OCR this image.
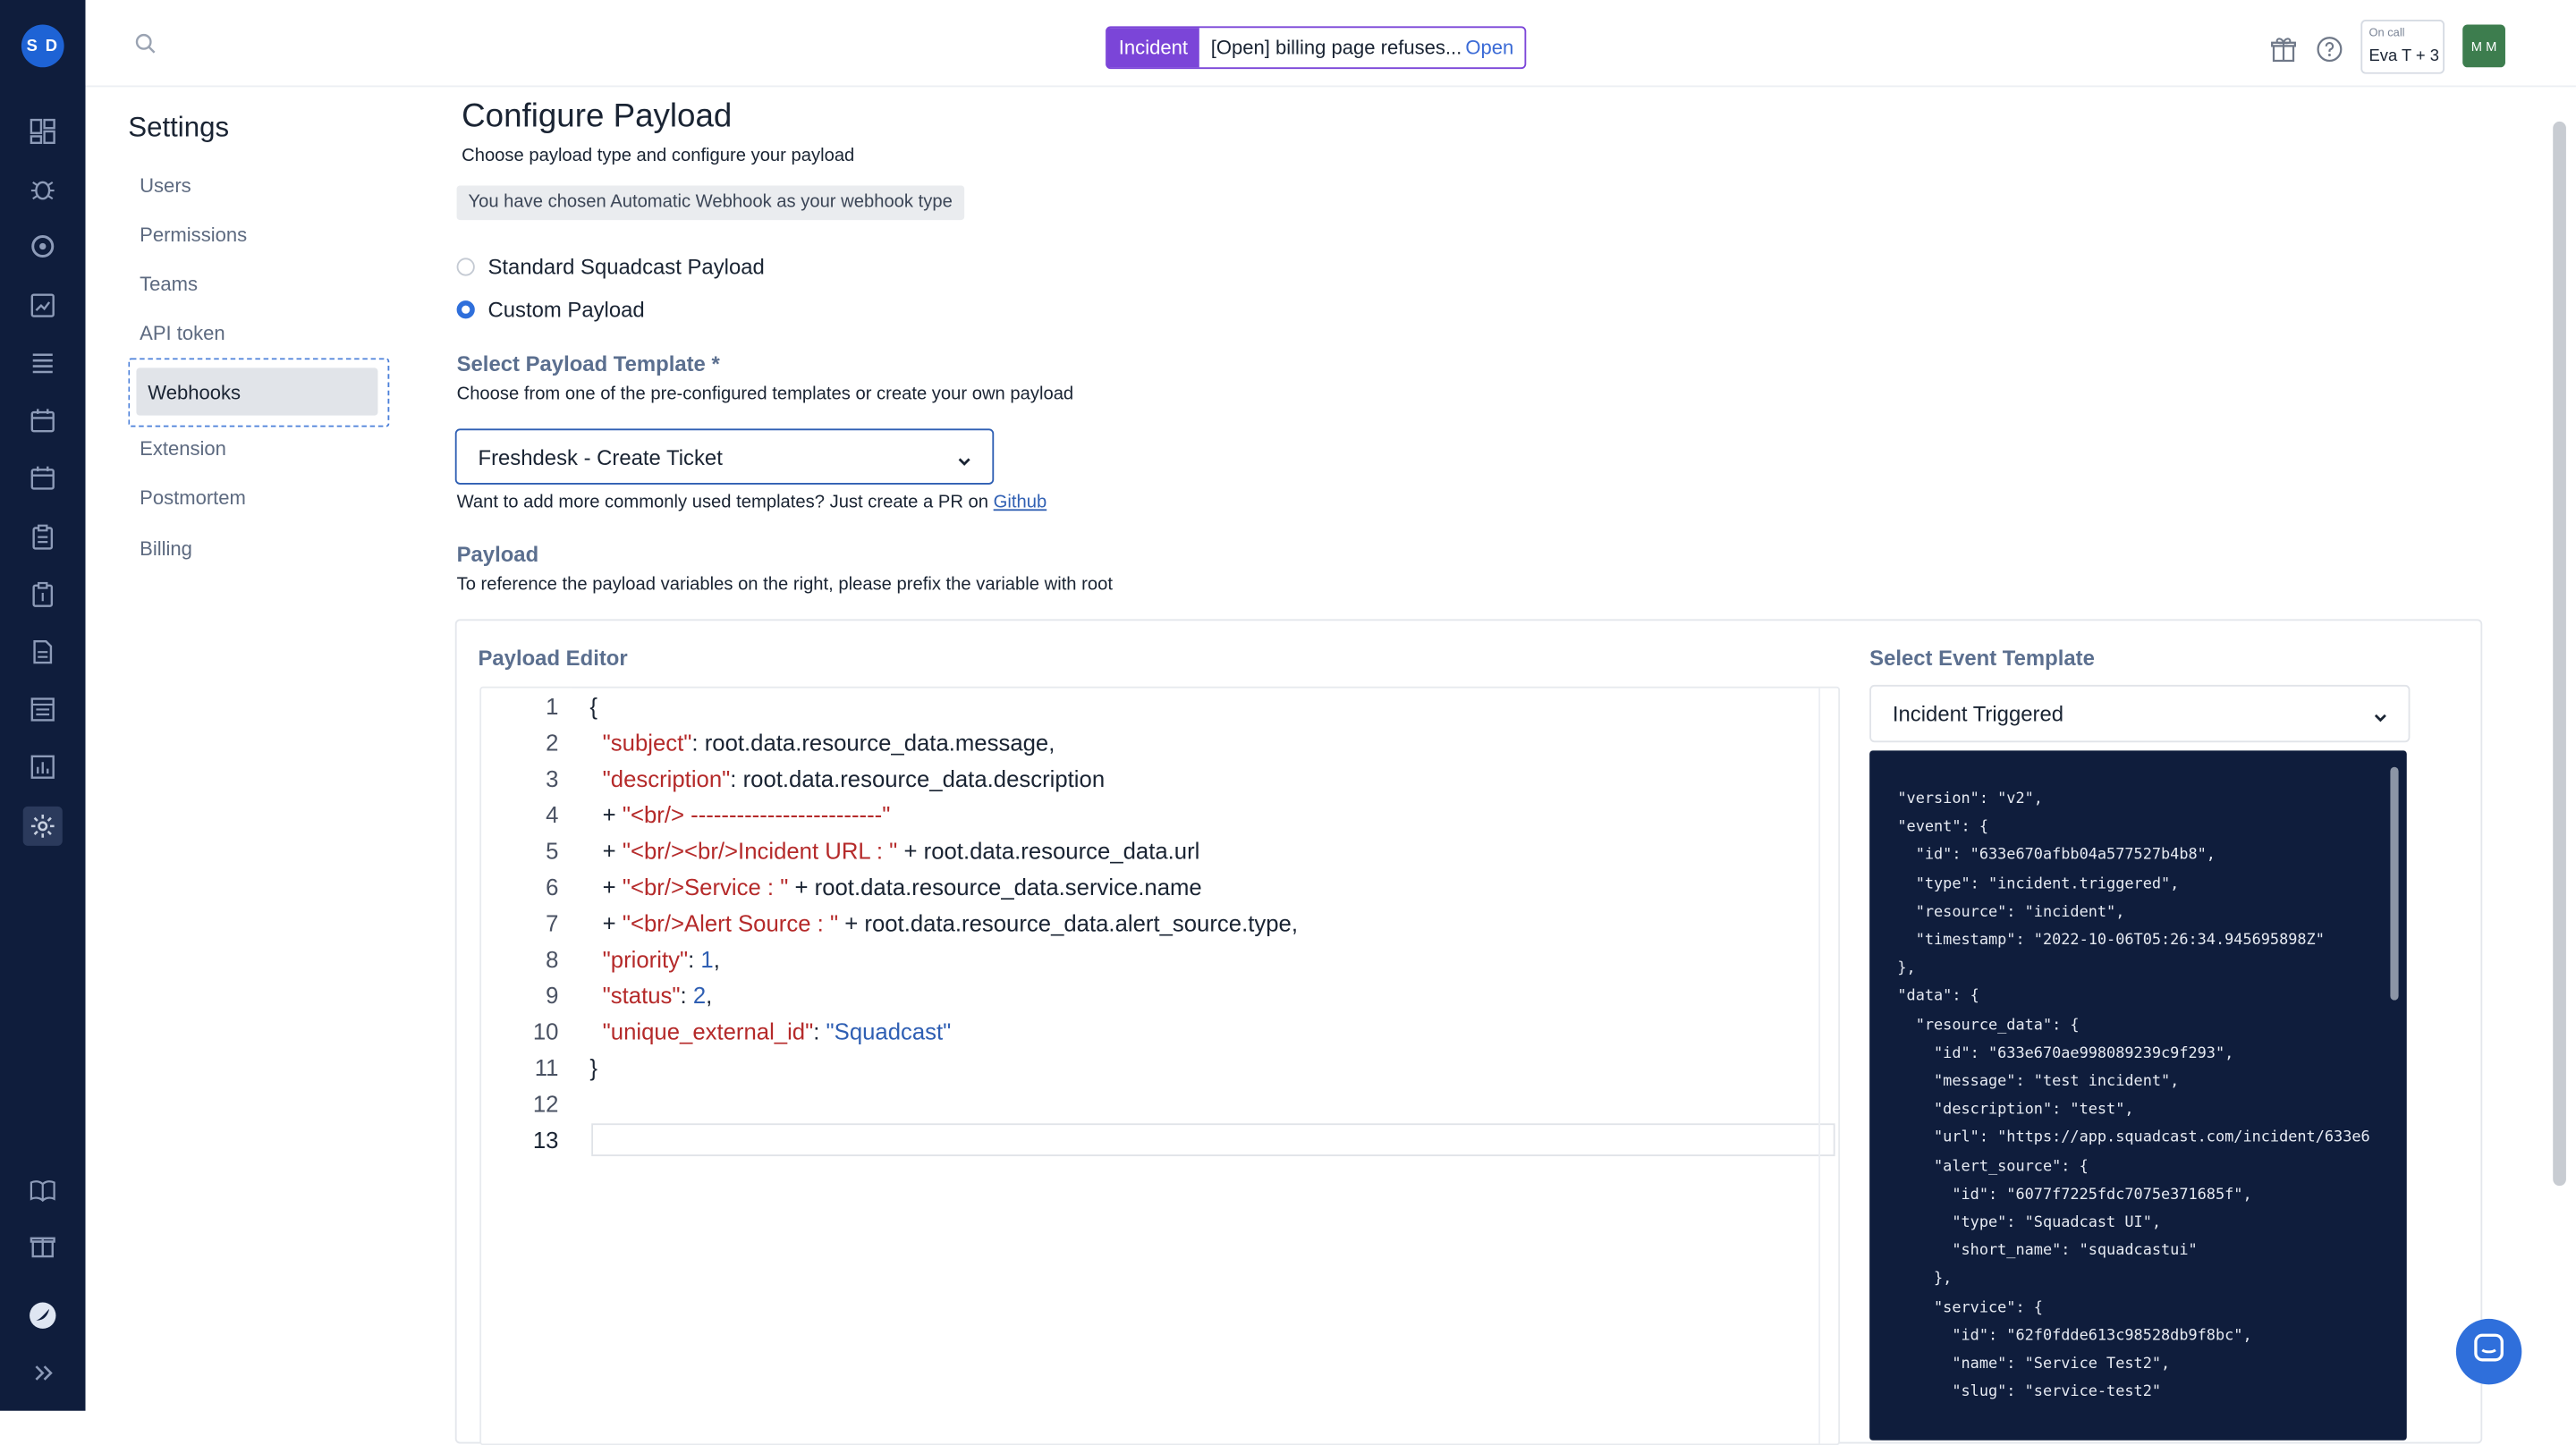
S D	Incident	[Open] billing page refuses... Open
On call
Eva T + 3
M M
Settings
Users
Permissions
Teams
API token
Webhooks
Extension
Postmortem
Billing
Configure Payload
Choose payload type and configure your payload
You have chosen Automatic Webhook as your webhook type
Standard Squadcast Payload
Custom Payload
Select Payload Template *
Choose from one of the pre-configured templates or create your own payload
Freshdesk - Create Ticket
Want to add more commonly used templates? Just create a PR on Github
Payload
To reference the payload variables on the right, please prefix the variable with root
Payload Editor
1
2
3
4
5
6
7
8
9
10
11
12
13
{
"subject": root.data.resource_data.message,
"description": root.data.resource_data.description
+ "<br/> -------------------------"
+ "<br/><br/>Incident URL : " + root.data.resource_data.url
+ "<br/>Service : " + root.data.resource_data.service.name
+ "<br/>Alert Source : " + root.data.resource_data.alert_source.type,
"priority": 1,
"status": 2,
"unique_external_id": "Squadcast"
}
Select Event Template
Incident Triggered
"version": "v2",
"event": {
"id": "633e670afbb04a577527b4b8",
"type": "incident.triggered",
"resource": "incident",
"timestamp": "2022-10-06T05:26:34.945695898Z"
},
"data": {
"resource_data": {
"id": "633e670ae998089239c9f293",
"message": "test incident",
"description": "test",
"url": "https://app.squadcast.com/incident/633e6
"alert_source": {
"id": "6077f7225fdc7075e371685f",
"type": "Squadcast UI",
"short_name": "squadcastui"
},
"service": {
"id": "62f0fdde613c98528db9f8bc",
"name": "Service Test2",
"slug": "service-test2"
